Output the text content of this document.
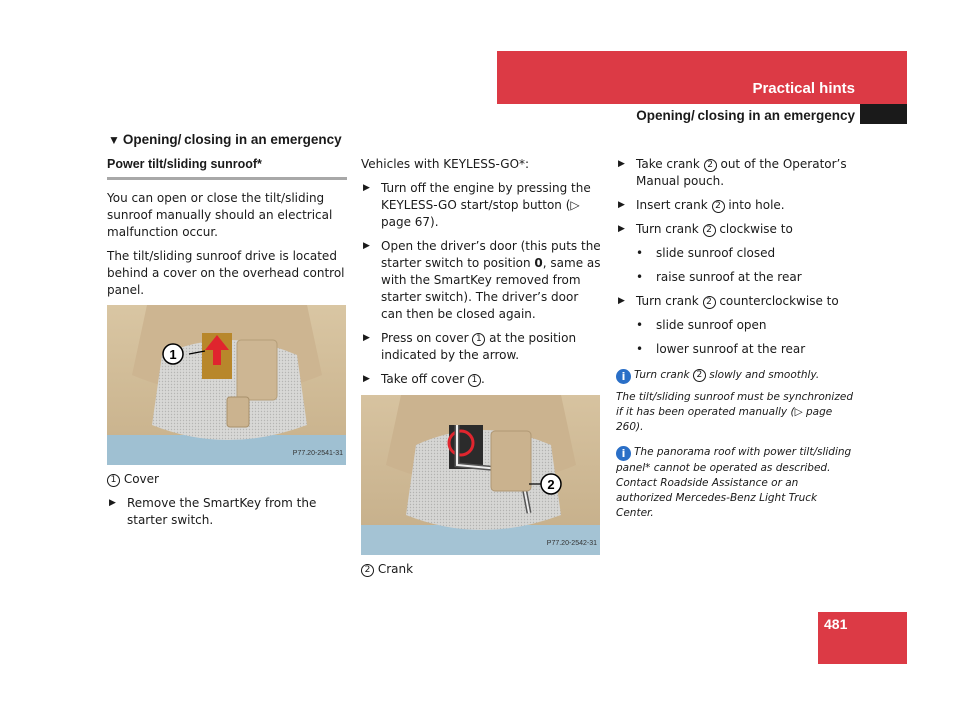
Practical hints
Opening/ closing in an emergency
▼ Opening/ closing in an emergency
Power tilt/sliding sunroof*
You can open or close the tilt/sliding sunroof manually should an electrical malfunction occur.
The tilt/sliding sunroof drive is located behind a cover on the overhead control panel.
1
P77.20-2541-31
1 Cover
▶ Remove the SmartKey from the starter switch.
Vehicles with KEYLESS-GO*:
▶ Turn off the engine by pressing the KEYLESS-GO start/stop button (▷ page 67).
▶ Open the driver’s door (this puts the starter switch to position 0, same as with the SmartKey removed from starter switch). The driver’s door can then be closed again.
▶ Press on cover 1 at the position indicated by the arrow.
▶ Take off cover 1 .
2
P77.20-2542-31
2 Crank
▶ Take crank 2 out of the Operator’s Manual pouch.
▶ Insert crank 2 into hole.
▶ Turn crank 2 clockwise to
• slide sunroof closed
• raise sunroof at the rear
▶ Turn crank 2 counterclockwise to
• slide sunroof open
• lower sunroof at the rear
i Turn crank 2 slowly and smoothly.
The tilt/sliding sunroof must be synchronized if it has been operated manually (▷ page 260).
i The panorama roof with power tilt/sliding panel* cannot be operated as described. Contact Roadside Assistance or an authorized Mercedes-Benz Light Truck Center.
481
